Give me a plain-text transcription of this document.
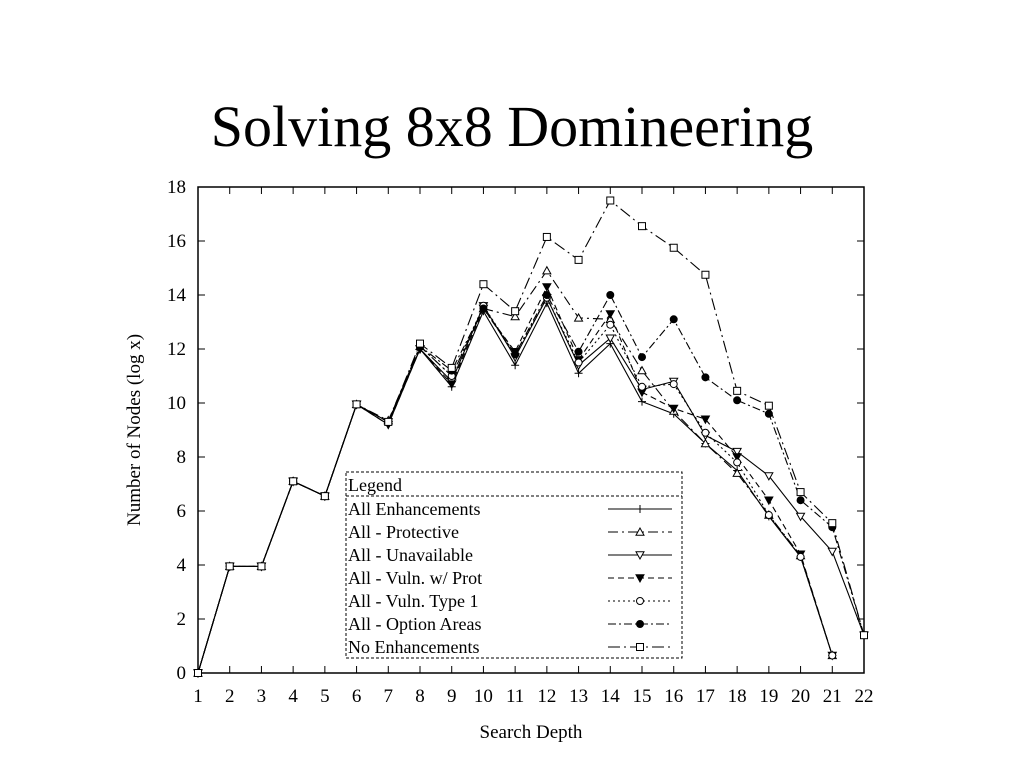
Solving 8x8 Domineering
0
2
4
6
8
10
12
14
16
18
1 2 3 4 5 6 7 8 9 10 11 12 13 14 15 16 17 18 19 20 21 22
Search Depth
Number of Nodes (log x)	Legend
All Enhancements
All - Protective
All - Unavailable
All - Vuln. w/ Prot
All - Vuln. Type 1
All - Option Areas
No Enhancements
